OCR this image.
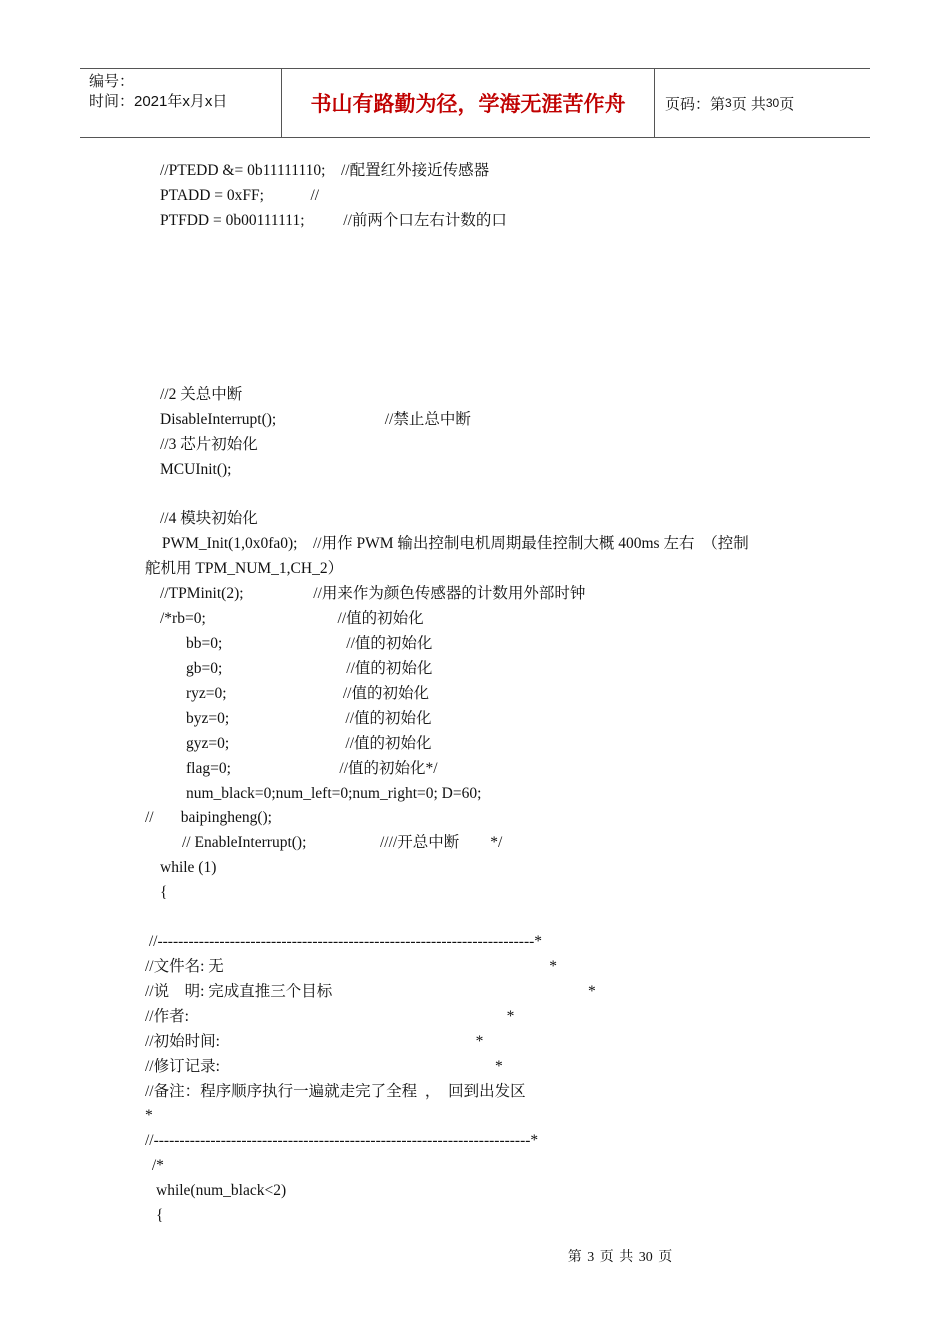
编号：
时间：2021年x月x日	书山有路勤为径，学海无涯苦作舟	页码：第 3 页 共 30 页
//PTEDD &= 0b11111110;    //配置红外接近传感器
PTADD = 0xFF;            //
PTFDD = 0b00111111;          //前两个口左右计数的口
//2 关总中断
DisableInterrupt();                            //禁止总中断
//3 芯片初始化
MCUInit();
//4 模块初始化
PWM_Init(1,0x0fa0);    //用作 PWM 输出控制电机周期最佳控制大概 400ms 左右  （控制
舵机用 TPM_NUM_1,CH_2）
//TPMinit(2);                  //用来作为颜色传感器的计数用外部时钟
/*rb=0;                                  //值的初始化
bb=0;                                //值的初始化
gb=0;                                //值的初始化
ryz=0;                              //值的初始化
byz=0;                              //值的初始化
gyz=0;                              //值的初始化
flag=0;                            //值的初始化*/
num_black=0;num_left=0;num_right=0; D=60;
//       baipingheng();
// EnableInterrupt();                   ////开总中断        */
while (1)
{
//-------------------------------------------------------------------------*
//文件名: 无                                                                                    *
//说    明: 完成直推三个目标                                                                  *
//作者:                                                                                  *
//初始时间:                                                                  *
//修订记录:                                                                       *
//备注：程序顺序执行一遍就走完了全程  ，  回到出发区
*
//-------------------------------------------------------------------------*
/*
while(num_black<2)
{
第 3 页 共 30 页
